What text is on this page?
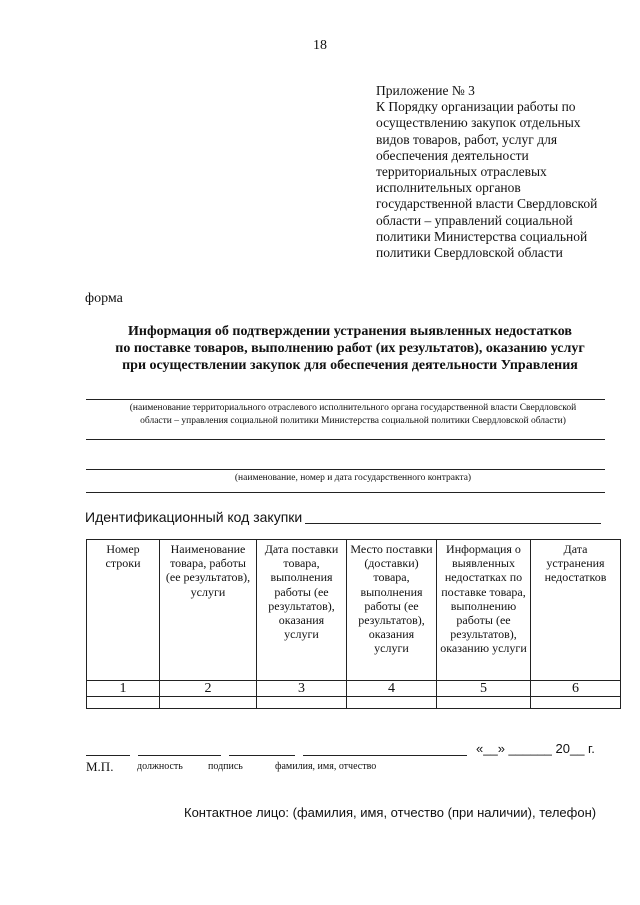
18
Приложение № 3
К Порядку организации работы по
осуществлению закупок отдельных
видов товаров, работ, услуг для
обеспечения деятельности
территориальных отраслевых
исполнительных органов
государственной власти Свердловской
области – управлений социальной
политики Министерства социальной
политики Свердловской области
форма
Информация об подтверждении устранения выявленных недостатков
по поставке товаров, выполнению работ (их результатов), оказанию услуг
при осуществлении закупок для обеспечения деятельности Управления
(наименование территориального отраслевого исполнительного органа государственной власти Свердловской
области – управления социальной политики Министерства социальной политики Свердловской области)
(наименование, номер и дата государственного контракта)
Идентификационный код закупки
Номер строки	Наименование товара, работы (ее результатов), услуги	Дата поставки товара, выполнения работы (ее результатов), оказания услуги	Место поставки (доставки) товара, выполнения работы (ее результатов), оказания услуги	Информация о выявленных недостатках по поставке товара, выполнению работы (ее результатов), оказанию услуги	Дата устранения недостатков
1	2	3	4	5	6

«__» ______ 20__ г.
М.П. должность	подпись	фамилия, имя, отчество
Контактное лицо: (фамилия, имя, отчество (при наличии), телефон)
